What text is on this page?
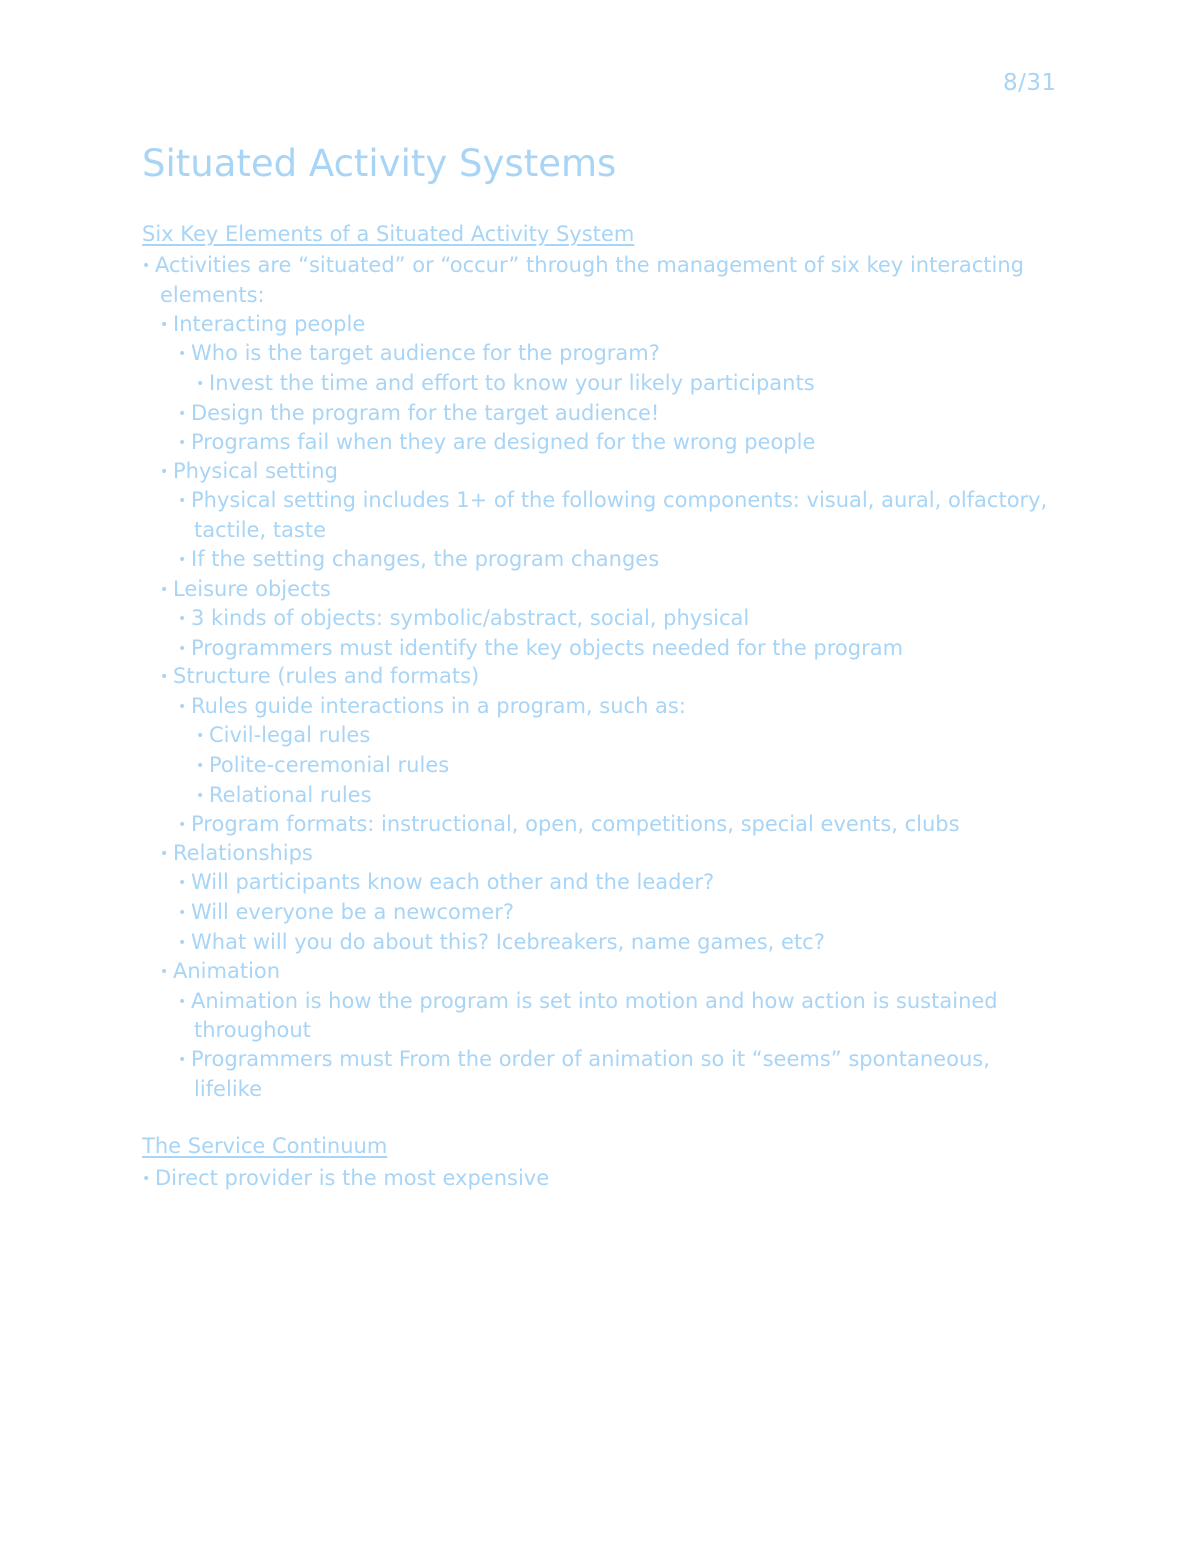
8/31
Situated Activity Systems
Six Key Elements of a Situated Activity System
• Activities are “situated” or “occur” through the management of six key interacting
elements:
• Interacting people
• Who is the target audience for the program?
• Invest the time and effort to know your likely participants
• Design the program for the target audience!
• Programs fail when they are designed for the wrong people
• Physical setting
• Physical setting includes 1+ of the following components: visual, aural, olfactory,
tactile, taste
• If the setting changes, the program changes
• Leisure objects
• 3 kinds of objects: symbolic/abstract, social, physical
• Programmers must identify the key objects needed for the program
• Structure (rules and formats)
• Rules guide interactions in a program, such as:
• Civil-legal rules
• Polite-ceremonial rules
• Relational rules
• Program formats: instructional, open, competitions, special events, clubs
• Relationships
• Will participants know each other and the leader?
• Will everyone be a newcomer?
• What will you do about this? Icebreakers, name games, etc?
• Animation
• Animation is how the program is set into motion and how action is sustained
throughout
• Programmers must From the order of animation so it “seems” spontaneous,
lifelike
The Service Continuum
• Direct provider is the most expensive
